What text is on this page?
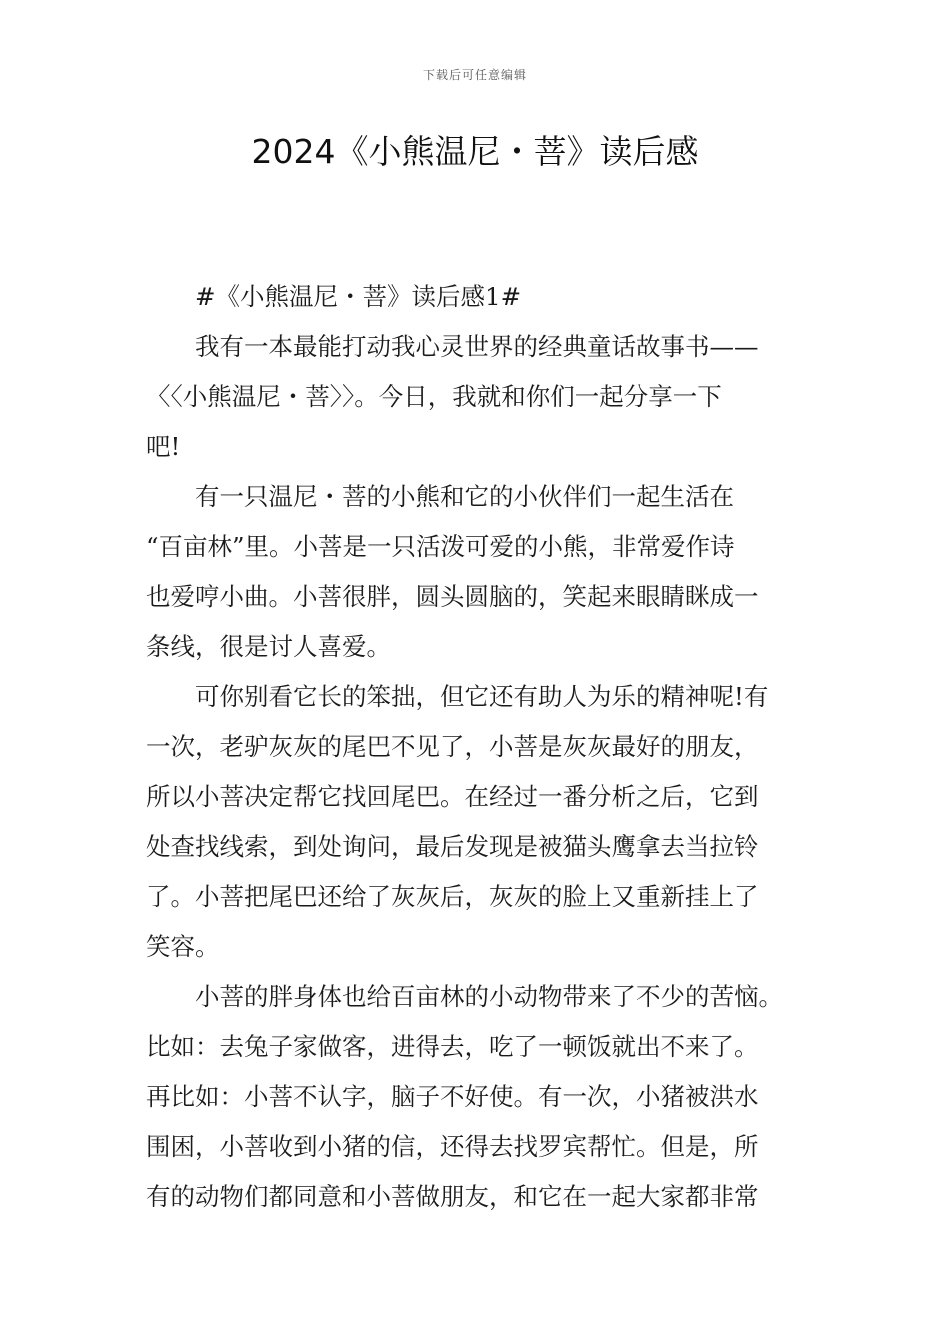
下载后可任意编辑
2024《小熊温尼・菩》读后感

#《小熊温尼・菩》读后感1#

我有一本最能打动我心灵世界的经典童话故事书——
〈〈小熊温尼・菩〉〉。今日，我就和你们一起分享一下
吧!

有一只温尼・菩的小熊和它的小伙伴们一起生活在
“百亩林”里。小菩是一只活泼可爱的小熊，非常爱作诗
也爱哼小曲。小菩很胖，圆头圆脑的，笑起来眼睛眯成一
条线，很是讨人喜爱。

可你别看它长的笨拙，但它还有助人为乐的精神呢!有
一次，老驴灰灰的尾巴不见了，小菩是灰灰最好的朋友，
所以小菩决定帮它找回尾巴。在经过一番分析之后，它到
处查找线索，到处询问，最后发现是被猫头鹰拿去当拉铃
了。小菩把尾巴还给了灰灰后，灰灰的脸上又重新挂上了
笑容。

小菩的胖身体也给百亩林的小动物带来了不少的苦恼。
比如：去兔子家做客，进得去，吃了一顿饭就出不来了。
再比如：小菩不认字，脑子不好使。有一次，小猪被洪水
围困，小菩收到小猪的信，还得去找罗宾帮忙。但是，所
有的动物们都同意和小菩做朋友，和它在一起大家都非常
